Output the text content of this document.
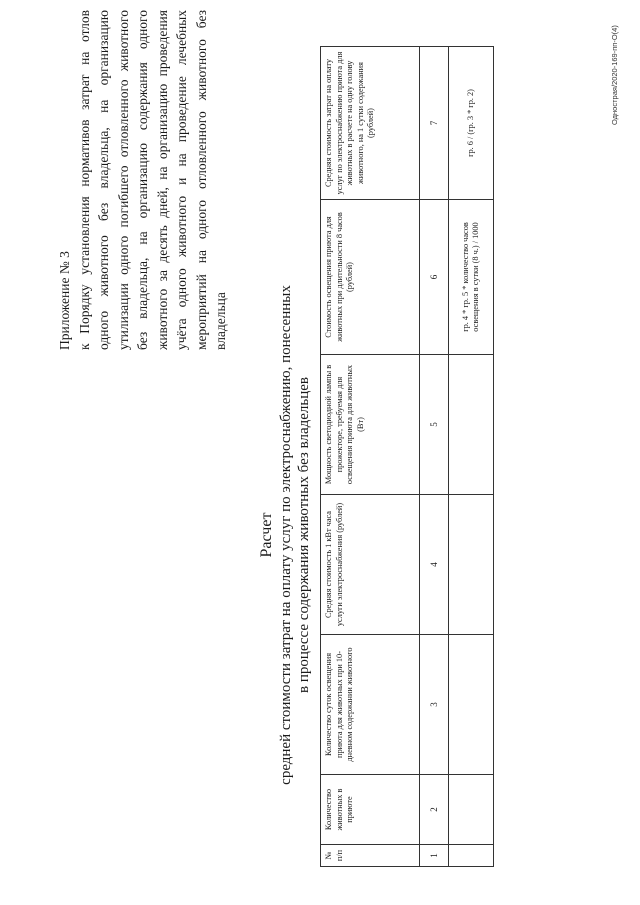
Приложение № 3 к Порядку установления нормативов затрат на отлов одного животного без владельца, на организацию утилизации одного погибшего отловленного животного без владельца, на организацию содержания одного животного за десять дней, на организацию проведения учёта одного животного и на проведение лечебных мероприятий на одного отловленного животного без владельца
Расчет средней стоимости затрат на оплату услуг по электроснабжению, понесенных в процессе содержания животных без владельцев
№ п/п	Количество животных в приюте	Количество суток освещения приюта для животных при 10-дневном содержании животного	Средняя стоимость 1 кВт часа услуги электроснабжения (рублей)	Мощность светодиодной лампы в прожекторе, требуемая для освещения приюта для животных (Вт)	Стоимость освещения приюта для животных при длительности 8 часов (рублей)	Средняя стоимость затрат на оплату услуг по электроснабжению приюта для животных в расчете на одну голову животного, на 1 сутки содержания (рублей)
1	2	3	4	5	6	7
					гр. 4 * гр. 5 * количество часов освещения в сутки (8 ч.) / 1000	гр. 6 / (гр. 3 * гр. 2)	Однострая/2020-169-пп-О(4)
